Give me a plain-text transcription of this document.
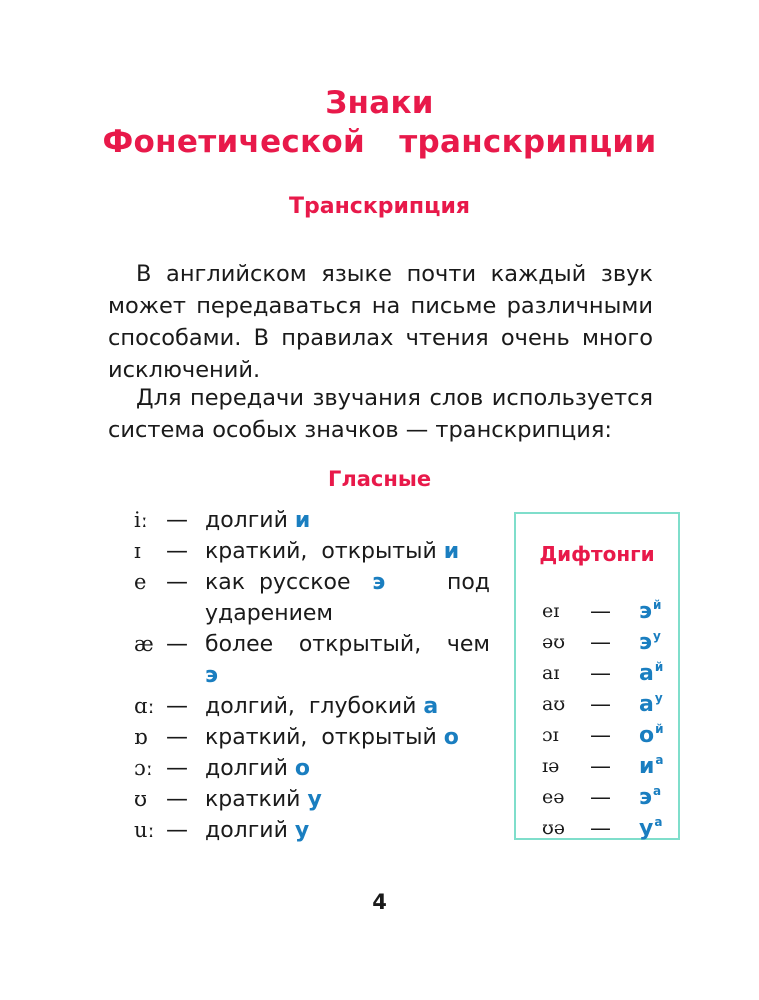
Знаки
Фонетической  транскрипции
Транскрипция

В английском языке почти каждый звук может передаваться на письме различными способами. В правилах чтения очень много исключений.

Для передачи звучания слов используется система особых значков — транскрипция:

Гласные
iː — долгий и
ɪ — краткий,  открытый и
e — как  русское э	под
ударением
æ — более открытый, чем
э
ɑː — долгий,  глубокий а
ɒ — краткий,  открытый о
ɔː — долгий о
ʊ — краткий у
uː — долгий у
Дифтонги
eɪ — $э^й$
əʊ — $э^у$
aɪ — $а^й$
aʊ — $а^у$
ɔɪ — $о^й$
ɪə — $и^а$
eə — $э^а$
ʊə — $у^а$
4
